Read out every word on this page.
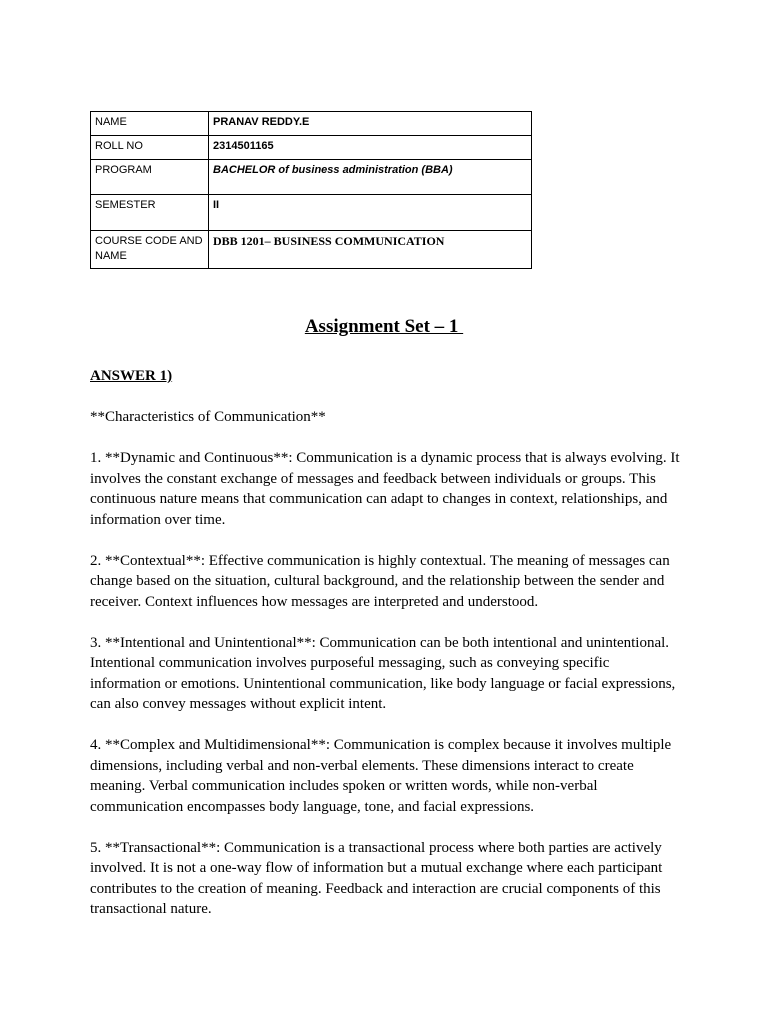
NAME	PRANAV REDDY.E
ROLL NO	2314501165
PROGRAM	BACHELOR of business administration (BBA)
SEMESTER	II
COURSE CODE AND NAME	DBB 1201– BUSINESS COMMUNICATION
Assignment Set – 1

ANSWER 1)

**Characteristics of Communication**

1. **Dynamic and Continuous**: Communication is a dynamic process that is always evolving. It involves the constant exchange of messages and feedback between individuals or groups. This continuous nature means that communication can adapt to changes in context, relationships, and information over time.

2. **Contextual**: Effective communication is highly contextual. The meaning of messages can change based on the situation, cultural background, and the relationship between the sender and receiver. Context influences how messages are interpreted and understood.

3. **Intentional and Unintentional**: Communication can be both intentional and unintentional. Intentional communication involves purposeful messaging, such as conveying specific information or emotions. Unintentional communication, like body language or facial expressions, can also convey messages without explicit intent.

4. **Complex and Multidimensional**: Communication is complex because it involves multiple dimensions, including verbal and non-verbal elements. These dimensions interact to create meaning. Verbal communication includes spoken or written words, while non-verbal communication encompasses body language, tone, and facial expressions.

5. **Transactional**: Communication is a transactional process where both parties are actively involved. It is not a one-way flow of information but a mutual exchange where each participant contributes to the creation of meaning. Feedback and interaction are crucial components of this transactional nature.
